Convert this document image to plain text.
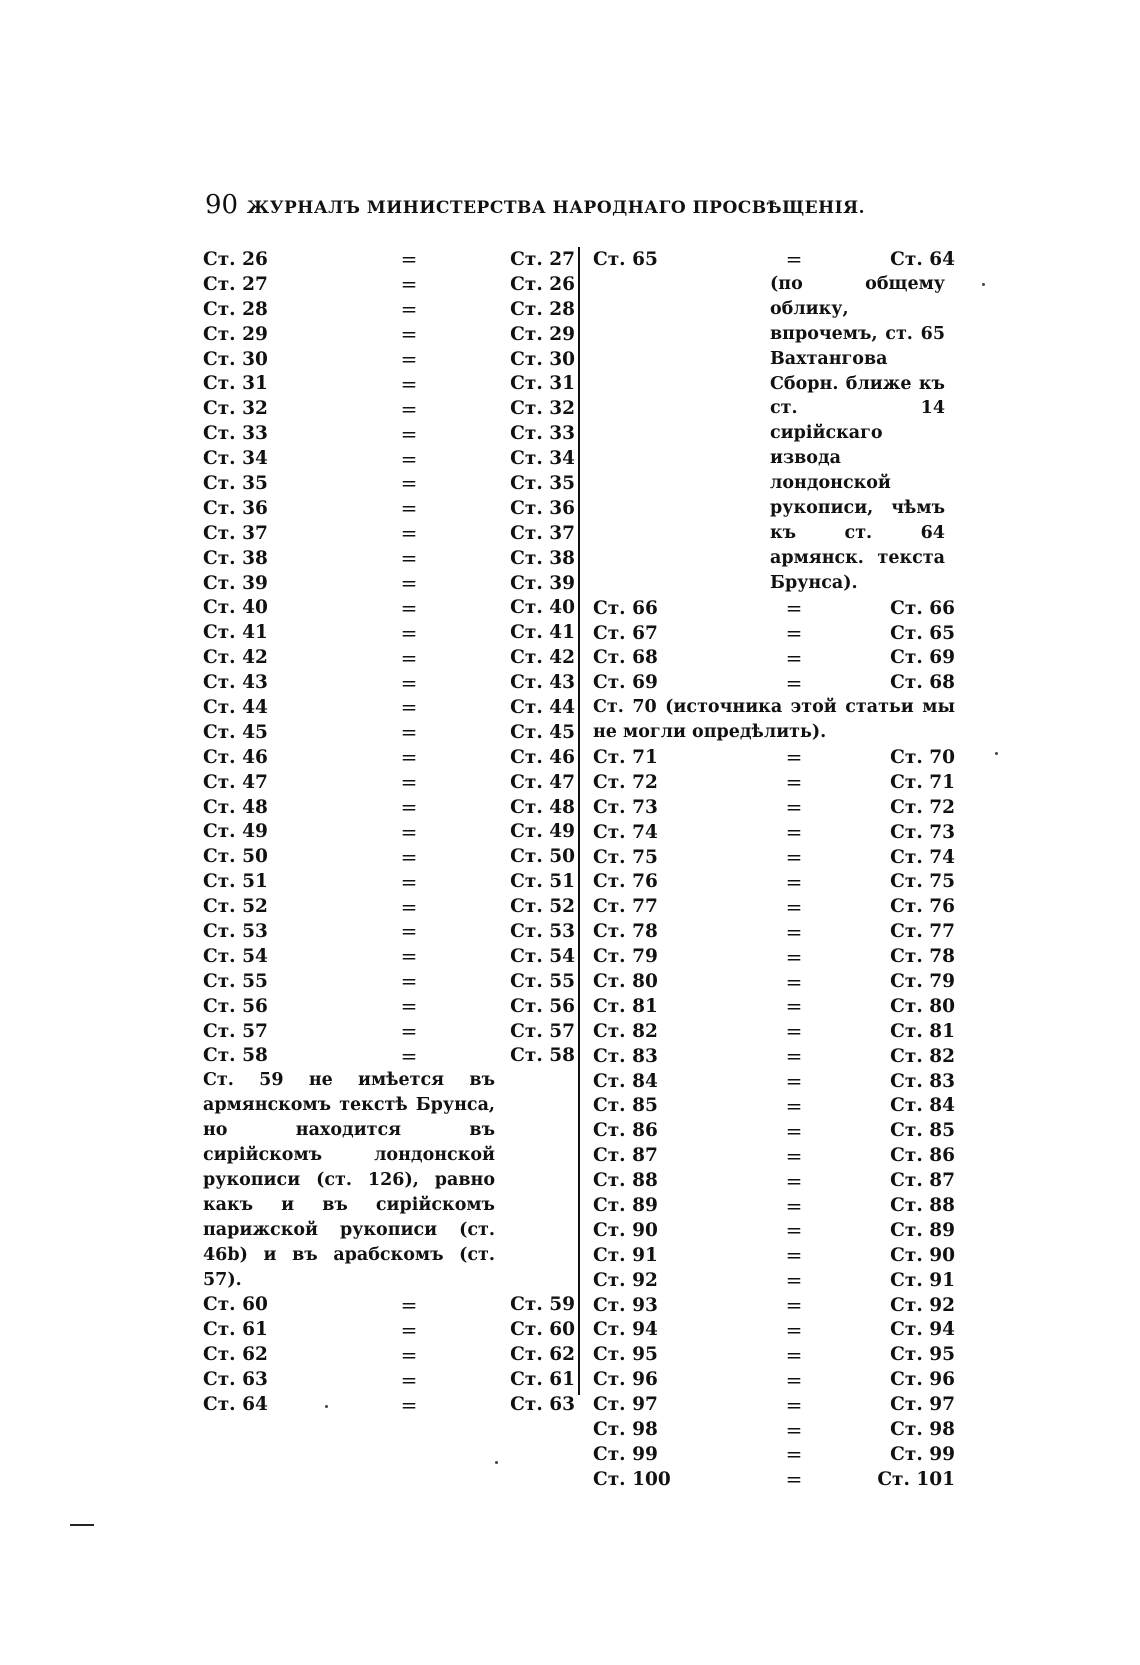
90 ЖУРНАЛЪ МИНИСТЕРСТВА НАРОДНАГО ПРОСВѢЩЕНІЯ.
Ст. 26	=	Ст. 27
Ст. 27	=	Ст. 26
Ст. 28	=	Ст. 28
Ст. 29	=	Ст. 29
Ст. 30	=	Ст. 30
Ст. 31	=	Ст. 31
Ст. 32	=	Ст. 32
Ст. 33	=	Ст. 33
Ст. 34	=	Ст. 34
Ст. 35	=	Ст. 35
Ст. 36	=	Ст. 36
Ст. 37	=	Ст. 37
Ст. 38	=	Ст. 38
Ст. 39	=	Ст. 39
Ст. 40	=	Ст. 40
Ст. 41	=	Ст. 41
Ст. 42	=	Ст. 42
Ст. 43	=	Ст. 43
Ст. 44	=	Ст. 44
Ст. 45	=	Ст. 45
Ст. 46	=	Ст. 46
Ст. 47	=	Ст. 47
Ст. 48	=	Ст. 48
Ст. 49	=	Ст. 49
Ст. 50	=	Ст. 50
Ст. 51	=	Ст. 51
Ст. 52	=	Ст. 52
Ст. 53	=	Ст. 53
Ст. 54	=	Ст. 54
Ст. 55	=	Ст. 55
Ст. 56	=	Ст. 56
Ст. 57	=	Ст. 57
Ст. 58	=	Ст. 58
Ст. 59 не имѣется въ армянскомъ текстѣ Брунса, но находится въ сирійскомъ лондонской рукописи (ст. 126), равно какъ и въ сирійскомъ парижской рукописи (ст. 46b) и въ арабскомъ (ст. 57).
Ст. 60	=	Ст. 59
Ст. 61	=	Ст. 60
Ст. 62	=	Ст. 62
Ст. 63	=	Ст. 61
Ст. 64	=	Ст. 63
Ст. 65	=	Ст. 64
(по общему облику, впрочемъ, ст. 65 Вахтангова Сборн. ближе къ ст. 14 сирійскаго извода лондонской рукописи, чѣмъ къ ст. 64 армянск. текста Брунса).
Ст. 66	=	Ст. 66
Ст. 67	=	Ст. 65
Ст. 68	=	Ст. 69
Ст. 69	=	Ст. 68
Ст. 70 (источника этой статьи мы не могли опредѣлить).
Ст. 71	=	Ст. 70
Ст. 72	=	Ст. 71
Ст. 73	=	Ст. 72
Ст. 74	=	Ст. 73
Ст. 75	=	Ст. 74
Ст. 76	=	Ст. 75
Ст. 77	=	Ст. 76
Ст. 78	=	Ст. 77
Ст. 79	=	Ст. 78
Ст. 80	=	Ст. 79
Ст. 81	=	Ст. 80
Ст. 82	=	Ст. 81
Ст. 83	=	Ст. 82
Ст. 84	=	Ст. 83
Ст. 85	=	Ст. 84
Ст. 86	=	Ст. 85
Ст. 87	=	Ст. 86
Ст. 88	=	Ст. 87
Ст. 89	=	Ст. 88
Ст. 90	=	Ст. 89
Ст. 91	=	Ст. 90
Ст. 92	=	Ст. 91
Ст. 93	=	Ст. 92
Ст. 94	=	Ст. 94
Ст. 95	=	Ст. 95
Ст. 96	=	Ст. 96
Ст. 97	=	Ст. 97
Ст. 98	=	Ст. 98
Ст. 99	=	Ст. 99
Ст. 100	=	Ст. 101
